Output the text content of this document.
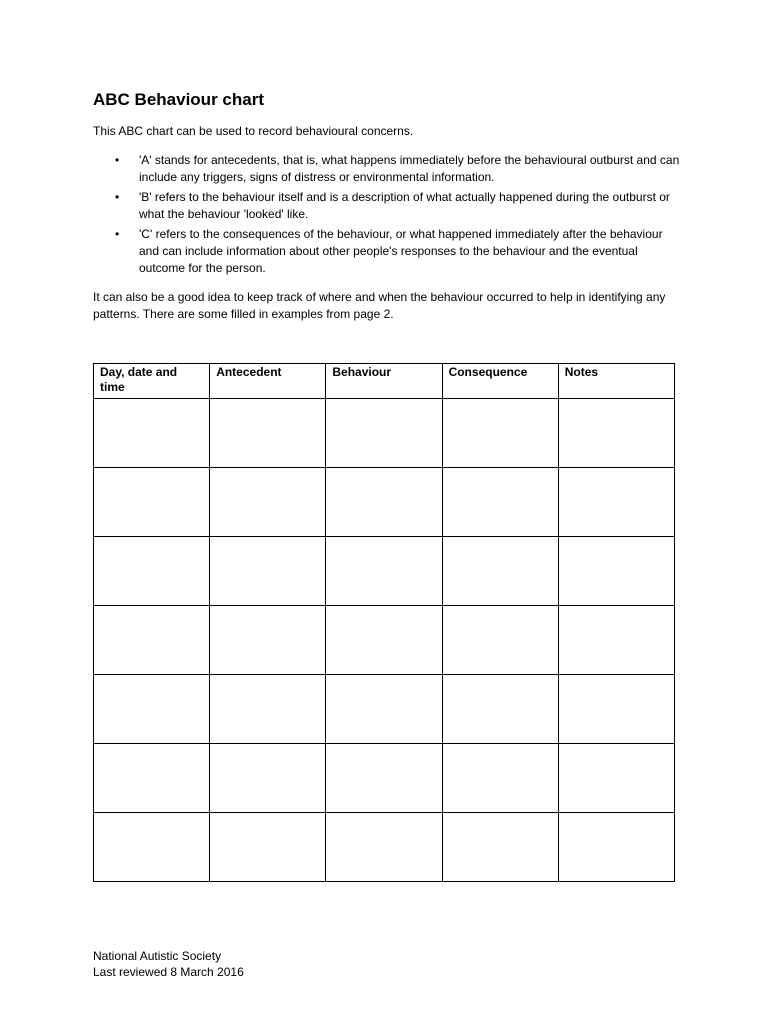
ABC Behaviour chart
This ABC chart can be used to record behavioural concerns.
• 'A' stands for antecedents, that is, what happens immediately before the behavioural outburst and can include any triggers, signs of distress or environmental information.
• 'B' refers to the behaviour itself and is a description of what actually happened during the outburst or what the behaviour 'looked' like.
• 'C' refers to the consequences of the behaviour, or what happened immediately after the behaviour and can include information about other people's responses to the behaviour and the eventual outcome for the person.
It can also be a good idea to keep track of where and when the behaviour occurred to help in identifying any patterns. There are some filled in examples from page 2.
Day, date and time	Antecedent	Behaviour	Consequence	Notes

National Autistic Society
Last reviewed 8 March 2016
